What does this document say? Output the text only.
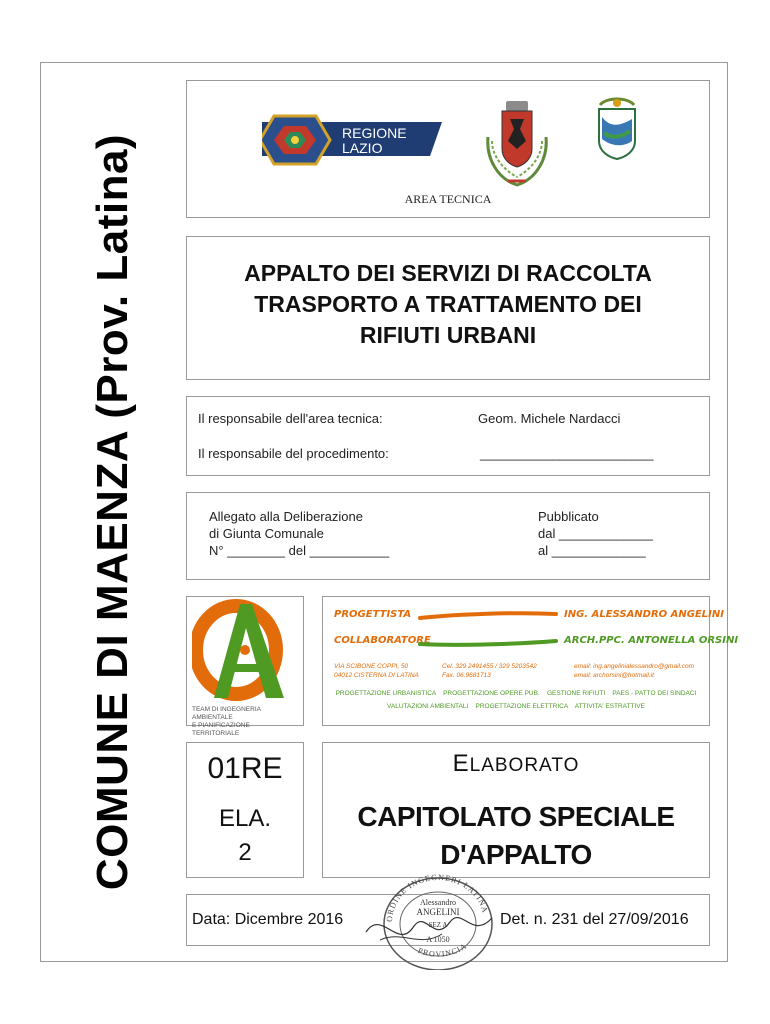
COMUNE DI MAENZA (Prov. Latina)
REGIONE
LAZIO
AREA TECNICA
APPALTO DEI SERVIZI DI RACCOLTA
TRASPORTO A TRATTAMENTO DEI
RIFIUTI URBANI
Il responsabile dell'area tecnica:	Geom. Michele Nardacci
Il responsabile del procedimento:	________________________
Allegato alla Deliberazione
di Giunta Comunale
N° ________ del ___________
Pubblicato
dal _____________
al _____________
TEAM DI INGEGNERIA AMBIENTALE
E PIANIFICAZIONE TERRITORIALE
PROGETTISTA	ING. ALESSANDRO ANGELINI
COLLABORATORE	ARCH.PPC. ANTONELLA ORSINI
VIA SCIBONE COPPI, 50
04012 CISTERNA DI LATINA
Cel. 329 2491455 / 329 5203542
Fax. 06.9681713
email: ing.angelinialessandro@gmail.com
email: archorsini@hotmail.it
PROGETTAZIONE URBANISTICA    PROGETTAZIONE OPERE PUB.    GESTIONE RIFIUTI    PAES - PATTO DEI SINDACI
VALUTAZIONI AMBIENTALI    PROGETTAZIONE ELETTRICA    ATTIVITA' ESTRATTIVE
01RE
ELA.
2
ELABORATO
CAPITOLATO SPECIALE
D'APPALTO
Data: Dicembre 2016	Det. n. 231 del 27/09/2016
ORDINE INGEGNERI LATINA
PROVINCIA
Alessandro
ANGELINI
SEZ A
A 1050
